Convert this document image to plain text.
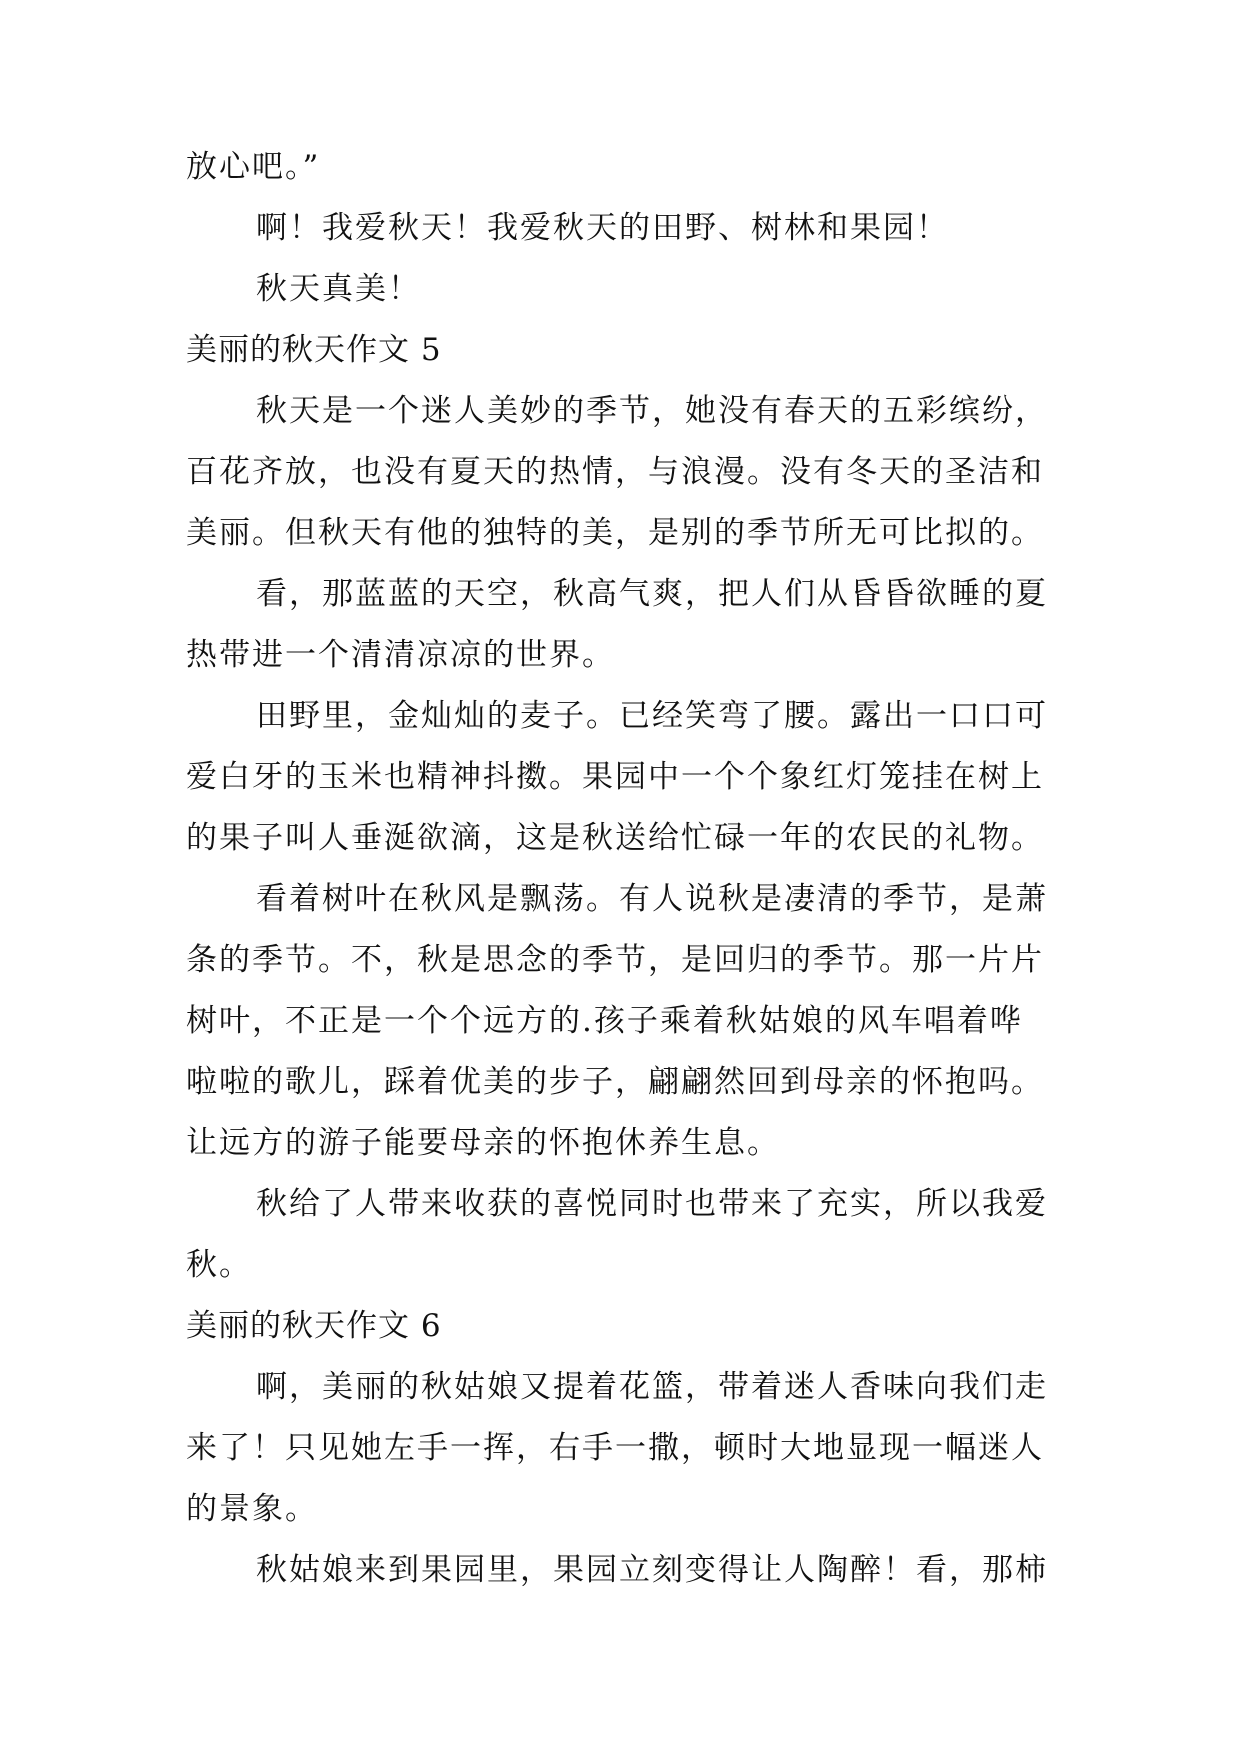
放心吧。”
啊！我爱秋天！我爱秋天的田野、树林和果园！
秋天真美！
美丽的秋天作文 5
秋天是一个迷人美妙的季节，她没有春天的五彩缤纷，
百花齐放，也没有夏天的热情，与浪漫。没有冬天的圣洁和
美丽。但秋天有他的独特的美，是别的季节所无可比拟的。
看，那蓝蓝的天空，秋高气爽，把人们从昏昏欲睡的夏
热带进一个清清凉凉的世界。
田野里，金灿灿的麦子。已经笑弯了腰。露出一口口可
爱白牙的玉米也精神抖擞。果园中一个个象红灯笼挂在树上
的果子叫人垂涎欲滴，这是秋送给忙碌一年的农民的礼物。
看着树叶在秋风是飘荡。有人说秋是凄清的季节，是萧
条的季节。不，秋是思念的季节，是回归的季节。那一片片
树叶，不正是一个个远方的.孩子乘着秋姑娘的风车唱着哗
啦啦的歌儿，踩着优美的步子，翩翩然回到母亲的怀抱吗。
让远方的游子能要母亲的怀抱休养生息。
秋给了人带来收获的喜悦同时也带来了充实，所以我爱
秋。
美丽的秋天作文 6
啊，美丽的秋姑娘又提着花篮，带着迷人香味向我们走
来了！只见她左手一挥，右手一撒，顿时大地显现一幅迷人
的景象。
秋姑娘来到果园里，果园立刻变得让人陶醉！看，那柿
